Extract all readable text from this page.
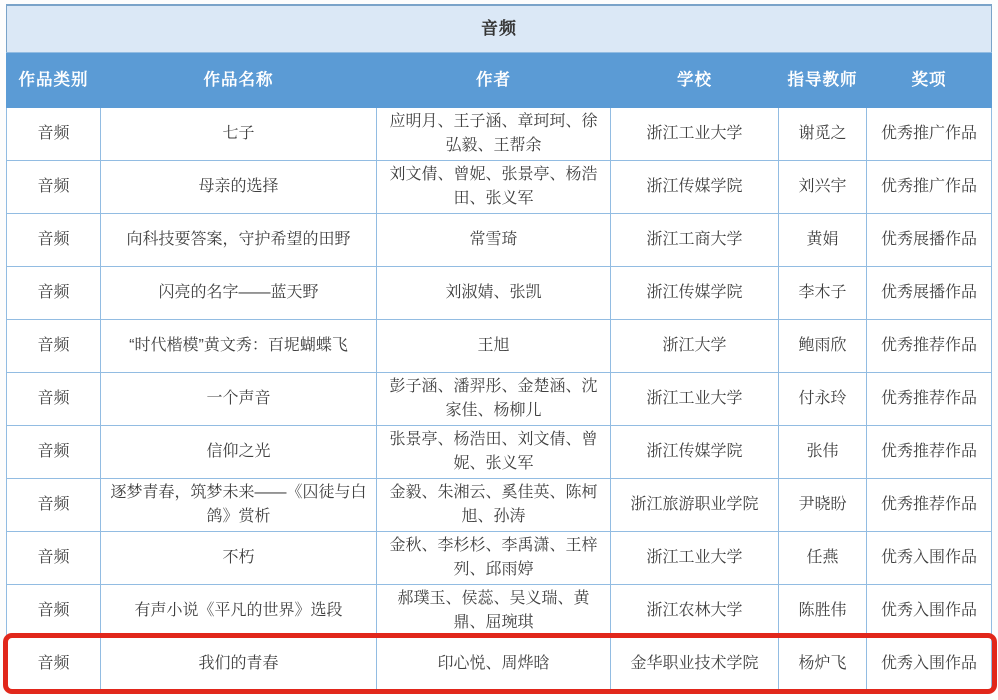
音频					
作品类别	作品名称	作者	学校	指导教师	奖项
音频	七子	应明月、王子涵、章珂珂、徐弘毅、王帮余	浙江工业大学	谢觅之	优秀推广作品
音频	母亲的选择	刘文倩、曾妮、张景亭、杨浩田、张义军	浙江传媒学院	刘兴宇	优秀推广作品
音频	向科技要答案，守护希望的田野	常雪琦	浙江工商大学	黄娟	优秀展播作品
音频	闪亮的名字——蓝天野	刘淑婧、张凯	浙江传媒学院	李木子	优秀展播作品
音频	“时代楷模”黄文秀：百坭蝴蝶飞	王旭	浙江大学	鲍雨欣	优秀推荐作品
音频	一个声音	彭子涵、潘羿彤、金楚涵、沈家佳、杨柳儿	浙江工业大学	付永玲	优秀推荐作品
音频	信仰之光	张景亭、杨浩田、刘文倩、曾妮、张义军	浙江传媒学院	张伟	优秀推荐作品
音频	逐梦青春，筑梦未来——《囚徒与白鸽》赏析	金毅、朱湘云、奚佳英、陈柯旭、孙涛	浙江旅游职业学院	尹晓盼	优秀推荐作品
音频	不朽	金秋、李杉杉、李禹潇、王梓列、邱雨婷	浙江工业大学	任燕	优秀入围作品
音频	有声小说《平凡的世界》选段	郝璞玉、侯蕊、吴义瑞、黄鼎、屈琬琪	浙江农林大学	陈胜伟	优秀入围作品
音频	我们的青春	印心悦、周烨晗	金华职业技术学院	杨炉飞	优秀入围作品
